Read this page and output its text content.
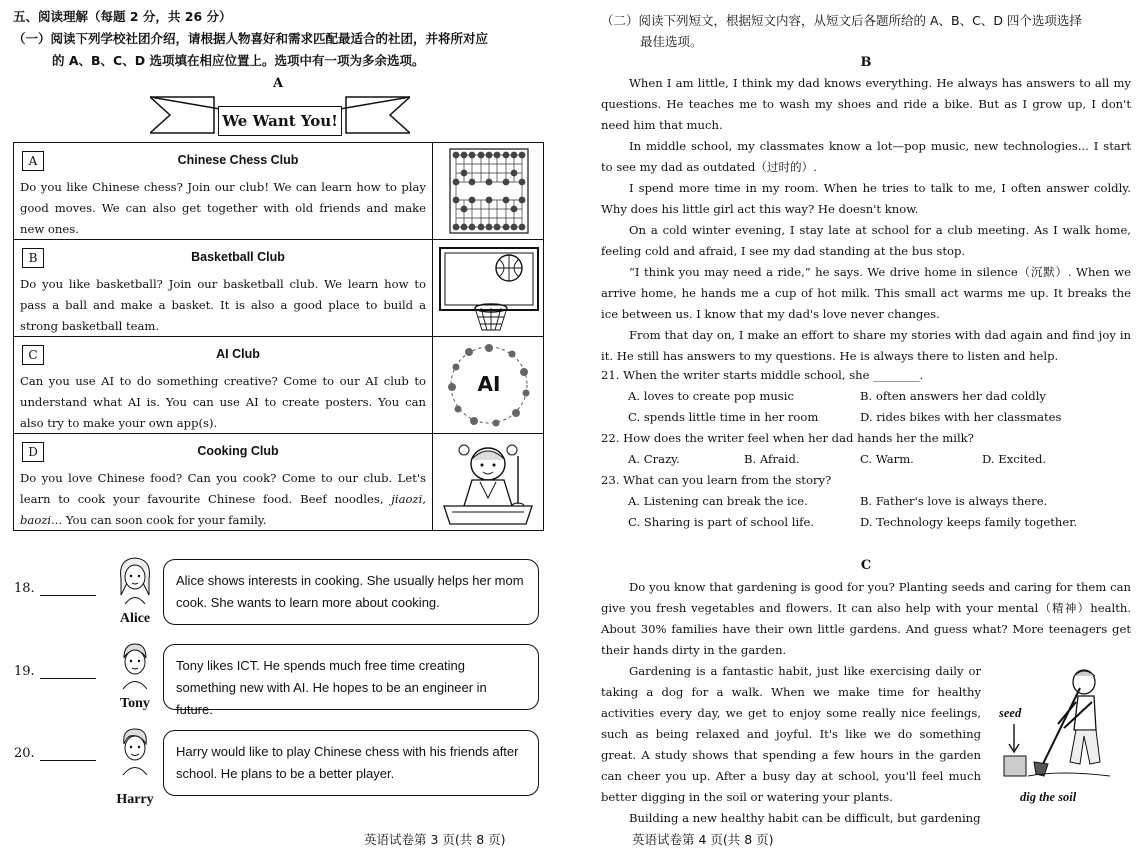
五、阅读理解（每题 2 分，共 26 分）
（一）阅读下列学校社团介绍，请根据人物喜好和需求匹配最适合的社团，并将所对应
的 A、B、C、D 选项填在相应位置上。选项中有一项为多余选项。
A
We Want You!
A	Chinese Chess Club
Do you like Chinese chess? Join our club! We can learn how to play good moves. We can also get together with old friends and make new ones.
B	Basketball Club
Do you like basketball? Join our basketball club. We learn how to pass a ball and make a basket. It is also a good place to build a strong basketball team.
C	AI Club
Can you use AI to do something creative? Come to our AI club to understand what AI is. You can use AI to create posters. You can also try to make your own app(s).
AI
D	Cooking Club
Do you love Chinese food? Can you cook? Come to our club. Let's learn to cook your favourite Chinese food. Beef noodles, jiaozi, baozi... You can soon cook for your family.
18.
Alice
Alice shows interests in cooking. She usually helps her mom cook. She wants to learn more about cooking.
19.
Tony
Tony likes ICT. He spends much free time creating something new with AI. He hopes to be an engineer in future.
20.
Harry
Harry would like to play Chinese chess with his friends after school. He plans to be a better player.
英语试卷第 3 页(共 8 页)
（二）阅读下列短文，根据短文内容，从短文后各题所给的 A、B、C、D 四个选项选择
最佳选项。
B
When I am little, I think my dad knows everything. He always has answers to all my questions. He teaches me to wash my shoes and ride a bike. But as I grow up, I don't need him that much.
In middle school, my classmates know a lot—pop music, new technologies... I start to see my dad as outdated（过时的）.
I spend more time in my room. When he tries to talk to me, I often answer coldly. Why does his little girl act this way? He doesn't know.
On a cold winter evening, I stay late at school for a club meeting. As I walk home, feeling cold and afraid, I see my dad standing at the bus stop.
“I think you may need a ride,” he says. We drive home in silence（沉默）. When we arrive home, he hands me a cup of hot milk. This small act warms me up. It breaks the ice between us. I know that my dad's love never changes.
From that day on, I make an effort to share my stories with dad again and find joy in it. He still has answers to my questions. He is always there to listen and help.
21. When the writer starts middle school, she ________.
A. loves to create pop music	B. often answers her dad coldly
C. spends little time in her room	D. rides bikes with her classmates
22. How does the writer feel when her dad hands her the milk?
A. Crazy.	B. Afraid.	C. Warm.	D. Excited.
23. What can you learn from the story?
A. Listening can break the ice.	B. Father's love is always there.
C. Sharing is part of school life.	D. Technology keeps family together.
C
Do you know that gardening is good for you? Planting seeds and caring for them can give you fresh vegetables and flowers. It can also help with your mental（精神）health. About 30% families have their own little gardens. And guess what? More teenagers get their hands dirty in the garden.
Gardening is a fantastic habit, just like exercising daily or taking a dog for a walk. When we make time for healthy activities every day, we get to enjoy some really nice feelings, such as being relaxed and joyful. It's like we do something great. A study shows that spending a few hours in the garden can cheer you up. After a busy day at school, you'll feel much better digging in the soil or watering your plants.
Building a new healthy habit can be difficult, but gardening
seed
dig the soil
英语试卷第 4 页(共 8 页)
